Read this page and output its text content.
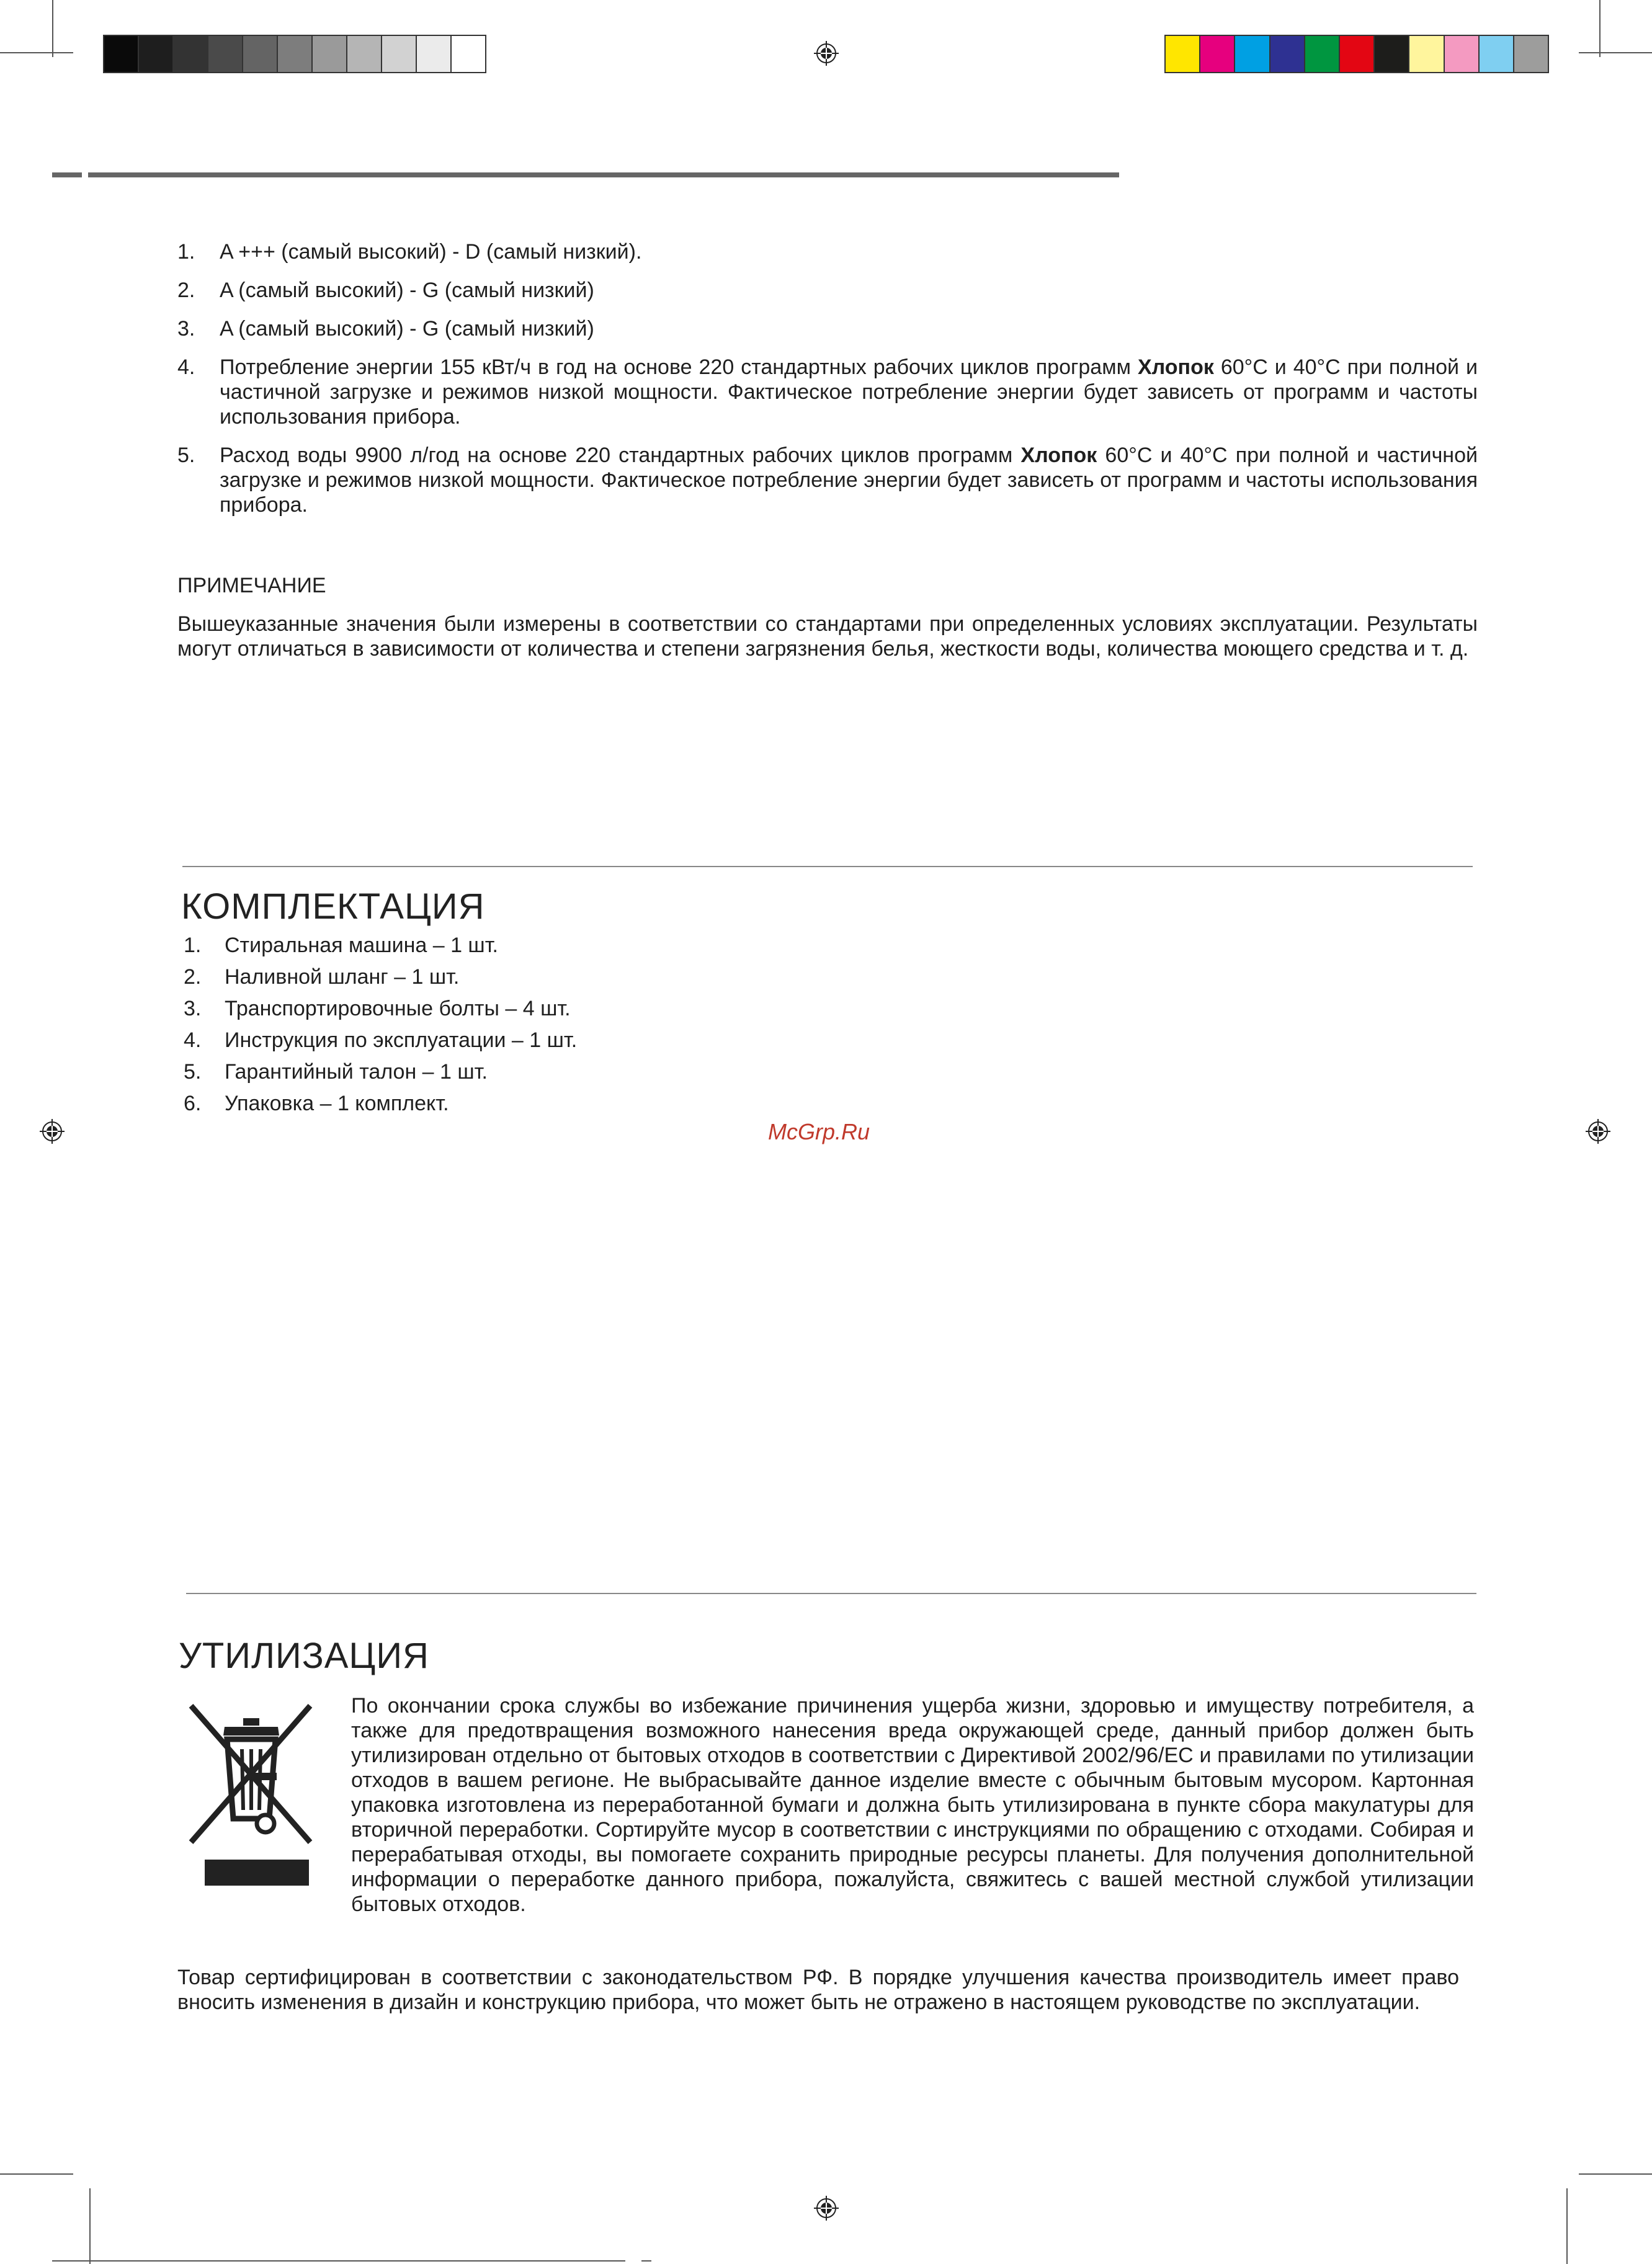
1. A +++ (самый высокий) - D (самый низкий).
2. A (самый высокий) - G (самый низкий)
3. A (самый высокий) - G (самый низкий)
4. Потребление энергии 155 кВт/ч в год на основе 220 стандартных рабочих циклов программ Хлопок 60°C и 40°C при полной и частичной загрузке и режимов низкой мощности. Фактическое потребление энергии будет зависеть от программ и частоты использования прибора.
5. Расход воды 9900 л/год на основе 220 стандартных рабочих циклов программ Хлопок 60°C и 40°C при полной и частичной загрузке и режимов низкой мощности. Фактическое потребление энергии будет зависеть от программ и частоты использования прибора.
ПРИМЕЧАНИЕ
Вышеуказанные значения были измерены в соответствии со стандартами при определенных условиях эксплуатации. Результаты могут отличаться в зависимости от количества и степени загрязнения белья, жесткости воды, количества моющего средства и т. д.
КОМПЛЕКТАЦИЯ
1. Стиральная машина – 1 шт.
2. Наливной шланг – 1 шт.
3. Транспортировочные болты – 4 шт.
4. Инструкция по эксплуатации – 1 шт.
5. Гарантийный талон – 1 шт.
6. Упаковка – 1 комплект.
McGrp.Ru
УТИЛИЗАЦИЯ
По окончании срока службы во избежание причинения ущерба жизни, здоровью и имуществу потребителя, а также для предотвращения возможного нанесения вреда окружающей среде, данный прибор должен быть утилизирован отдельно от бытовых отходов в соответствии с Директивой 2002/96/ЕС и правилами по утилизации отходов в вашем регионе. Не выбрасывайте данное изделие вместе с обычным бытовым мусором. Картонная упаковка изготовлена из переработанной бумаги и должна быть утилизирована в пункте сбора макулатуры для вторичной переработки. Сортируйте мусор в соответствии с инструкциями по обращению с отходами. Собирая и перерабатывая отходы, вы помогаете сохранить природные ресурсы планеты. Для получения дополнительной информации о переработке данного прибора, пожалуйста, свяжитесь с вашей местной службой утилизации бытовых отходов.
Товар сертифицирован в соответствии с законодательством РФ. В порядке улучшения качества производитель имеет право вносить изменения в дизайн и конструкцию прибора, что может быть не отражено в настоящем руководстве по эксплуатации.
